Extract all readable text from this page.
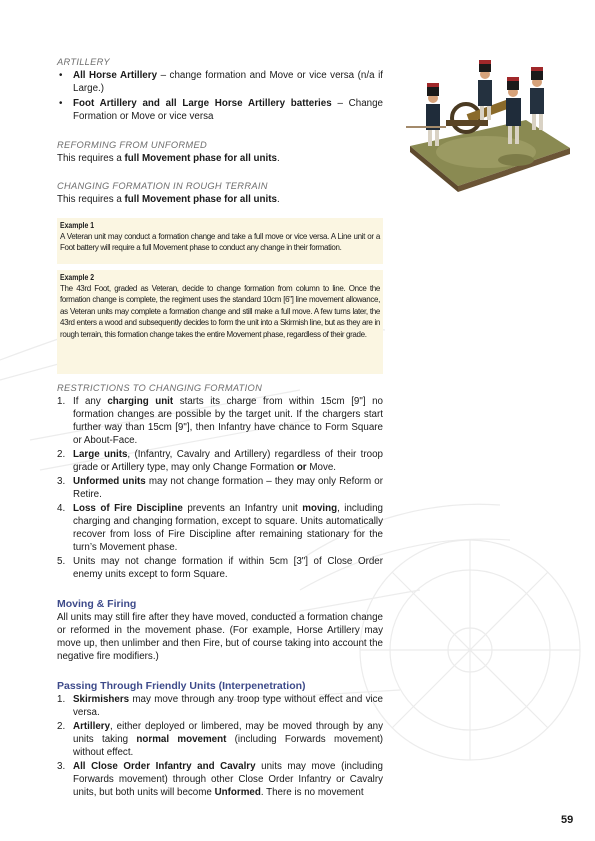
ARTILLERY
• All Horse Artillery – change formation and Move or vice versa (n/a if Large.)
• Foot Artillery and all Large Horse Artillery batteries – Change Formation or Move or vice versa
REFORMING FROM UNFORMED

This requires a full Movement phase for all units.

CHANGING FORMATION IN ROUGH TERRAIN

This requires a full Movement phase for all units.

Example 1

A Veteran unit may conduct a formation change and take a full move or vice versa. A Line unit or a Foot battery will require a full Movement phase to conduct any change in their formation.

Example 2

The 43rd Foot, graded as Veteran, decide to change formation from column to line. Once the formation change is complete, the regiment uses the standard 10cm [6"] line movement allowance, as Veteran units may complete a formation change and still make a full move. A few turns later, the 43rd enters a wood and subsequently decides to form the unit into a Skirmish line, but as they are in rough terrain, this formation change takes the entire Movement phase, regardless of their grade.

RESTRICTIONS TO CHANGING FORMATION
1. If any charging unit starts its charge from within 15cm [9"] no formation changes are possible by the target unit. If the chargers start further way than 15cm [9"], then Infantry have chance to Form Square or About-Face.
2. Large units, (Infantry, Cavalry and Artillery) regardless of their troop grade or Artillery type, may only Change Formation or Move.
3. Unformed units may not change formation – they may only Reform or Retire.
4. Loss of Fire Discipline prevents an Infantry unit moving, including charging and changing formation, except to square. Units automatically recover from loss of Fire Discipline after remaining stationary for the turn’s Movement phase.
5. Units may not change formation if within 5cm [3"] of Close Order enemy units except to form Square.
Moving & Firing

All units may still fire after they have moved, conducted a formation change or reformed in the movement phase. (For example, Horse Artillery may move up, then unlimber and then Fire, but of course taking into account the negative fire modifiers.)

Passing Through Friendly Units (Interpenetration)
1. Skirmishers may move through any troop type without effect and vice versa.
2. Artillery, either deployed or limbered, may be moved through by any units taking normal movement (including Forwards movement) without effect.
3. All Close Order Infantry and Cavalry units may move (including Forwards movement) through other Close Order Infantry or Cavalry units, but both units will become Unformed. There is no movement
59
